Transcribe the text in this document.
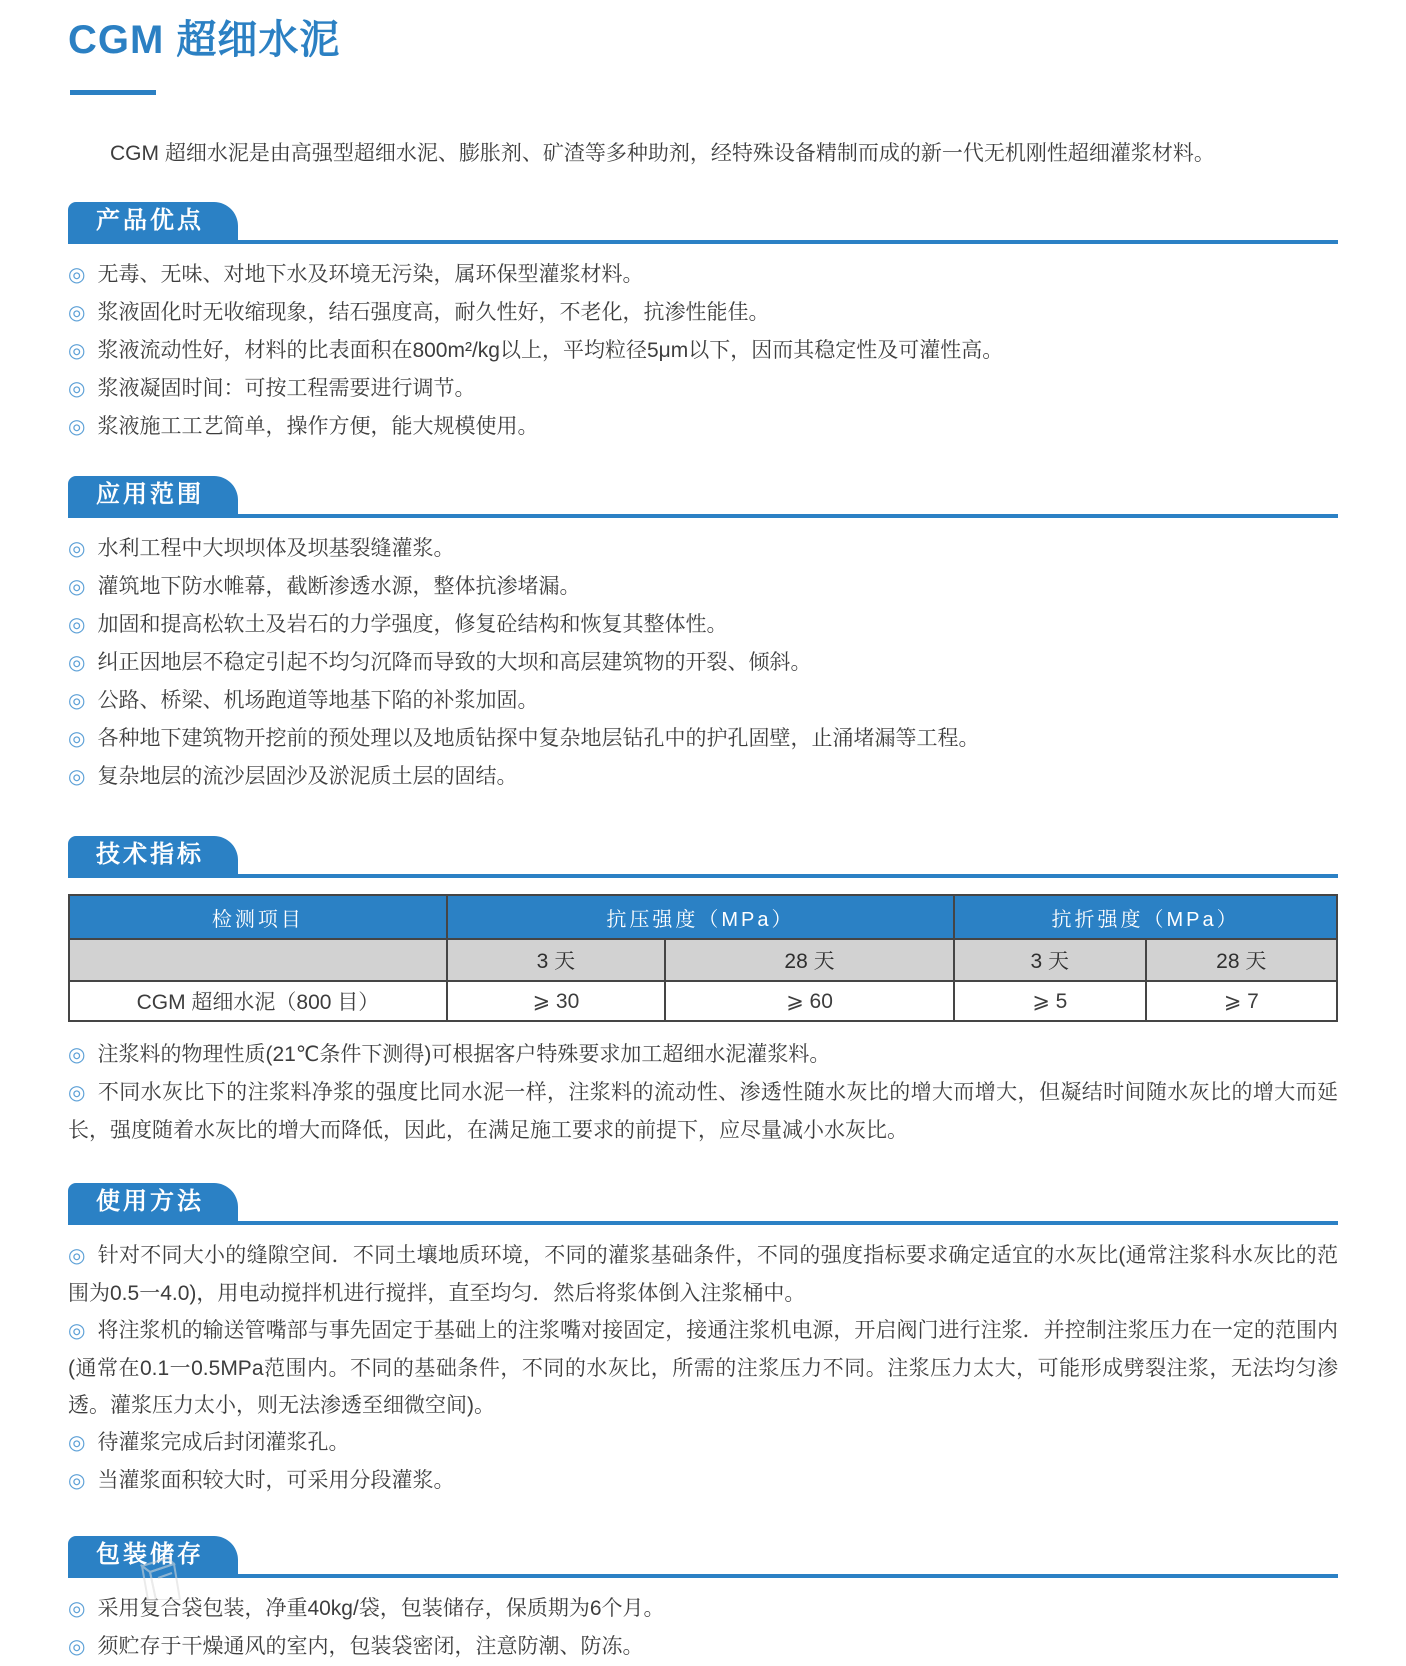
CGM 超细水泥

CGM 超细水泥是由高强型超细水泥、膨胀剂、矿渣等多种助剂，经特殊设备精制而成的新一代无机刚性超细灌浆材料。

产品优点

◎ 无毒、无味、对地下水及环境无污染，属环保型灌浆材料。

◎ 浆液固化时无收缩现象，结石强度高，耐久性好，不老化，抗渗性能佳。

◎ 浆液流动性好，材料的比表面积在800m²/kg以上，平均粒径5μm以下，因而其稳定性及可灌性高。

◎ 浆液凝固时间：可按工程需要进行调节。

◎ 浆液施工工艺简单，操作方便，能大规模使用。

应用范围

◎ 水利工程中大坝坝体及坝基裂缝灌浆。

◎ 灌筑地下防水帷幕，截断渗透水源，整体抗渗堵漏。

◎ 加固和提高松软土及岩石的力学强度，修复砼结构和恢复其整体性。

◎ 纠正因地层不稳定引起不均匀沉降而导致的大坝和高层建筑物的开裂、倾斜。

◎ 公路、桥梁、机场跑道等地基下陷的补浆加固。

◎ 各种地下建筑物开挖前的预处理以及地质钻探中复杂地层钻孔中的护孔固壁，止涌堵漏等工程。

◎ 复杂地层的流沙层固沙及淤泥质土层的固结。

技术指标
检测项目	抗压强度（MPa）		抗折强度（MPa）	
	3 天	28 天	3 天	28 天
CGM 超细水泥（800 目）	⩾ 30	⩾ 60	⩾ 5	⩾ 7

◎ 注浆料的物理性质(21℃条件下测得)可根据客户特殊要求加工超细水泥灌浆料。

◎ 不同水灰比下的注浆料净浆的强度比同水泥一样，注浆料的流动性、渗透性随水灰比的增大而增大，但凝结时间随水灰比的增大而延长，强度随着水灰比的增大而降低，因此，在满足施工要求的前提下，应尽量减小水灰比。

使用方法

◎ 针对不同大小的缝隙空间．不同土壤地质环境，不同的灌浆基础条件，不同的强度指标要求确定适宜的水灰比(通常注浆科水灰比的范围为0.5一4.0)，用电动搅拌机进行搅拌，直至均匀．然后将浆体倒入注浆桶中。

◎ 将注浆机的输送管嘴部与事先固定于基础上的注浆嘴对接固定，接通注浆机电源，开启阀门进行注浆．并控制注浆压力在一定的范围内(通常在0.1一0.5MPa范围内。不同的基础条件，不同的水灰比，所需的注浆压力不同。注浆压力太大，可能形成劈裂注浆，无法均匀渗透。灌浆压力太小，则无法渗透至细微空间)。

◎ 待灌浆完成后封闭灌浆孔。

◎ 当灌浆面积较大时，可采用分段灌浆。

包装储存

◎ 采用复合袋包装，净重40kg/袋，包装储存，保质期为6个月。

◎ 须贮存于干燥通风的室内，包装袋密闭，注意防潮、防冻。
